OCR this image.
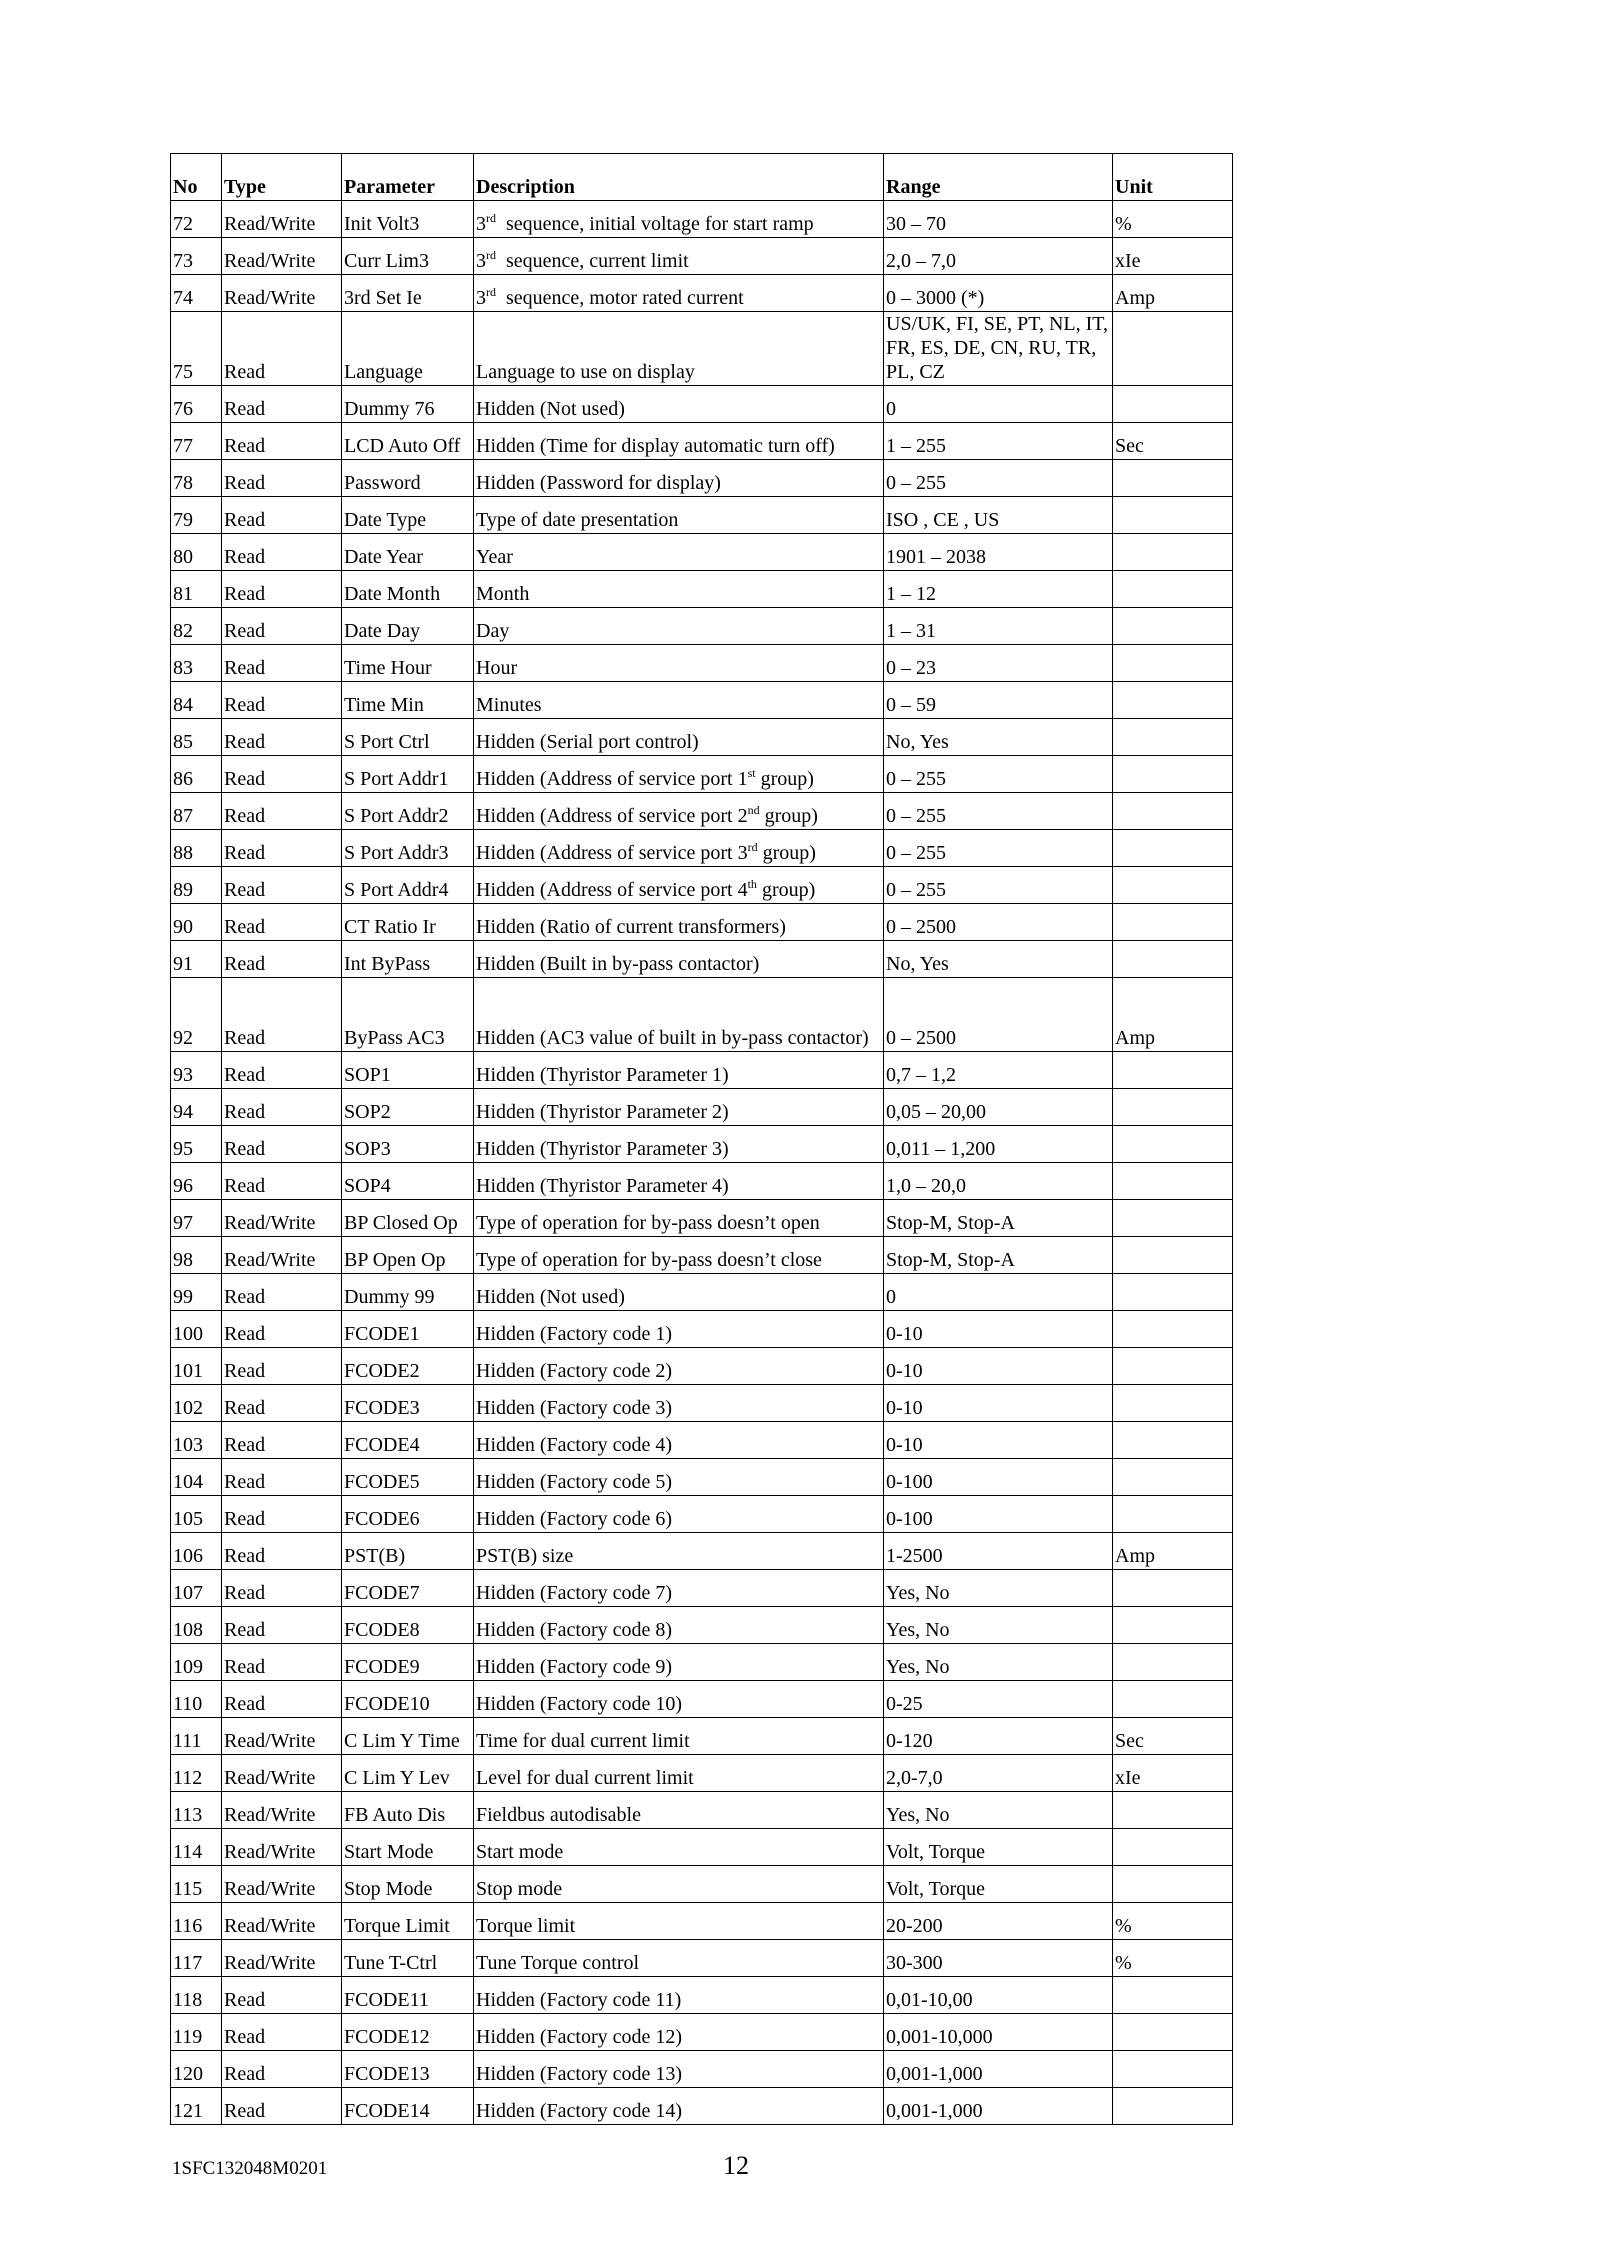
No	Type	Parameter	Description	Range	Unit
72	Read/Write	Init Volt3	3rd  sequence, initial voltage for start ramp	30 – 70	%
73	Read/Write	Curr Lim3	3rd  sequence, current limit	2,0 – 7,0	xIe
74	Read/Write	3rd Set Ie	3rd  sequence, motor rated current	0 – 3000 (*)	Amp
75	Read	Language	Language to use on display	US/UK, FI, SE, PT, NL, IT, FR, ES, DE, CN, RU, TR, PL, CZ	
76	Read	Dummy 76	Hidden (Not used)	0	
77	Read	LCD Auto Off	Hidden (Time for display automatic turn off)	1 – 255	Sec
78	Read	Password	Hidden (Password for display)	0 – 255	
79	Read	Date Type	Type of date presentation	ISO , CE , US	
80	Read	Date Year	Year	1901 – 2038	
81	Read	Date Month	Month	1 – 12	
82	Read	Date Day	Day	1 – 31	
83	Read	Time Hour	Hour	0 – 23	
84	Read	Time Min	Minutes	0 – 59	
85	Read	S Port Ctrl	Hidden (Serial port control)	No, Yes	
86	Read	S Port Addr1	Hidden (Address of service port 1st group)	0 – 255	
87	Read	S Port Addr2	Hidden (Address of service port 2nd group)	0 – 255	
88	Read	S Port Addr3	Hidden (Address of service port 3rd group)	0 – 255	
89	Read	S Port Addr4	Hidden (Address of service port 4th group)	0 – 255	
90	Read	CT Ratio Ir	Hidden (Ratio of current transformers)	0 – 2500	
91	Read	Int ByPass	Hidden (Built in by-pass contactor)	No, Yes	
92	Read	ByPass AC3	Hidden (AC3 value of built in by-pass contactor)	0 – 2500	Amp
93	Read	SOP1	Hidden (Thyristor Parameter 1)	0,7 – 1,2	
94	Read	SOP2	Hidden (Thyristor Parameter 2)	0,05 – 20,00	
95	Read	SOP3	Hidden (Thyristor Parameter 3)	0,011 – 1,200	
96	Read	SOP4	Hidden (Thyristor Parameter 4)	1,0 – 20,0	
97	Read/Write	BP Closed Op	Type of operation for by-pass doesn’t open	Stop-M, Stop-A	
98	Read/Write	BP Open Op	Type of operation for by-pass doesn’t close	Stop-M, Stop-A	
99	Read	Dummy 99	Hidden (Not used)	0	
100	Read	FCODE1	Hidden (Factory code 1)	0-10	
101	Read	FCODE2	Hidden (Factory code 2)	0-10	
102	Read	FCODE3	Hidden (Factory code 3)	0-10	
103	Read	FCODE4	Hidden (Factory code 4)	0-10	
104	Read	FCODE5	Hidden (Factory code 5)	0-100	
105	Read	FCODE6	Hidden (Factory code 6)	0-100	
106	Read	PST(B)	PST(B) size	1-2500	Amp
107	Read	FCODE7	Hidden (Factory code 7)	Yes, No	
108	Read	FCODE8	Hidden (Factory code 8)	Yes, No	
109	Read	FCODE9	Hidden (Factory code 9)	Yes, No	
110	Read	FCODE10	Hidden (Factory code 10)	0-25	
111	Read/Write	C Lim Y Time	Time for dual current limit	0-120	Sec
112	Read/Write	C Lim Y Lev	Level for dual current limit	2,0-7,0	xIe
113	Read/Write	FB Auto Dis	Fieldbus autodisable	Yes, No	
114	Read/Write	Start Mode	Start mode	Volt, Torque	
115	Read/Write	Stop Mode	Stop mode	Volt, Torque	
116	Read/Write	Torque Limit	Torque limit	20-200	%
117	Read/Write	Tune T-Ctrl	Tune Torque control	30-300	%
118	Read	FCODE11	Hidden (Factory code 11)	0,01-10,00	
119	Read	FCODE12	Hidden (Factory code 12)	0,001-10,000	
120	Read	FCODE13	Hidden (Factory code 13)	0,001-1,000	
121	Read	FCODE14	Hidden (Factory code 14)	0,001-1,000	
1SFC132048M0201	12
